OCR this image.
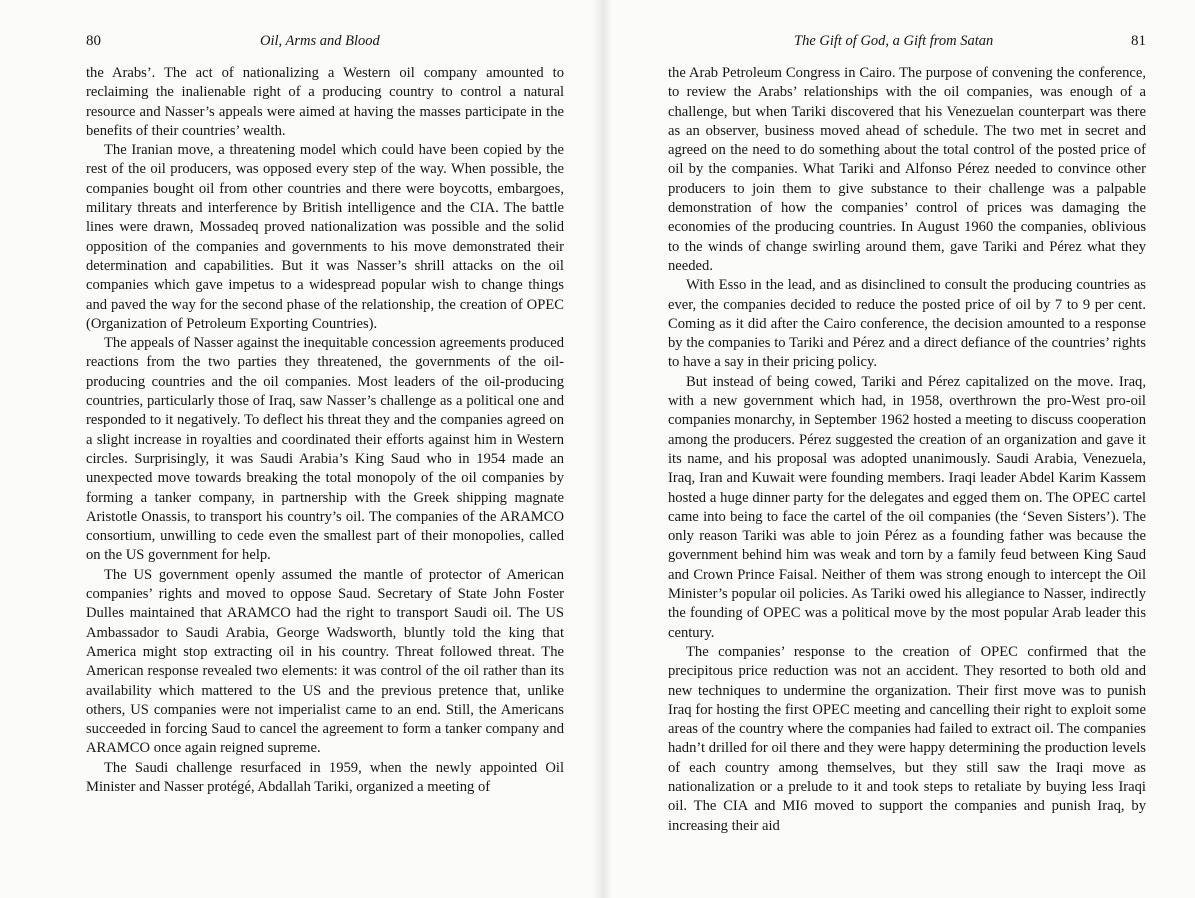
80	Oil, Arms and Blood

the Arabs’. The act of nationalizing a Western oil company amounted to reclaiming the inalienable right of a producing country to control a natural resource and Nasser’s appeals were aimed at having the masses participate in the benefits of their countries’ wealth.

The Iranian move, a threatening model which could have been copied by the rest of the oil producers, was opposed every step of the way. When possible, the companies bought oil from other countries and there were boycotts, embargoes, military threats and interference by British intelligence and the CIA. The battle lines were drawn, Mossadeq proved nationalization was possible and the solid opposition of the companies and governments to his move demonstrated their determination and capabilities. But it was Nasser’s shrill attacks on the oil companies which gave impetus to a widespread popular wish to change things and paved the way for the second phase of the relationship, the creation of OPEC (Organization of Petroleum Exporting Countries).

The appeals of Nasser against the inequitable concession agreements produced reactions from the two parties they threatened, the governments of the oil-producing countries and the oil companies. Most leaders of the oil-producing countries, particularly those of Iraq, saw Nasser’s challenge as a political one and responded to it negatively. To deflect his threat they and the companies agreed on a slight increase in royalties and coordinated their efforts against him in Western circles. Surprisingly, it was Saudi Arabia’s King Saud who in 1954 made an unexpected move towards breaking the total monopoly of the oil companies by forming a tanker company, in partnership with the Greek shipping magnate Aristotle Onassis, to transport his country’s oil. The companies of the ARAMCO consortium, unwilling to cede even the smallest part of their monopolies, called on the US government for help.

The US government openly assumed the mantle of protector of American companies’ rights and moved to oppose Saud. Secretary of State John Foster Dulles maintained that ARAMCO had the right to transport Saudi oil. The US Ambassador to Saudi Arabia, George Wadsworth, bluntly told the king that America might stop extracting oil in his country. Threat followed threat. The American response revealed two elements: it was control of the oil rather than its availability which mattered to the US and the previous pretence that, unlike others, US companies were not imperialist came to an end. Still, the Americans succeeded in forcing Saud to cancel the agreement to form a tanker company and ARAMCO once again reigned supreme.

The Saudi challenge resurfaced in 1959, when the newly appointed Oil Minister and Nasser protégé, Abdallah Tariki, organized a meeting of

The Gift of God, a Gift from Satan	81

the Arab Petroleum Congress in Cairo. The purpose of convening the conference, to review the Arabs’ relationships with the oil companies, was enough of a challenge, but when Tariki discovered that his Venezuelan counterpart was there as an observer, business moved ahead of schedule. The two met in secret and agreed on the need to do something about the total control of the posted price of oil by the companies. What Tariki and Alfonso Pérez needed to convince other producers to join them to give substance to their challenge was a palpable demonstration of how the companies’ control of prices was damaging the economies of the producing countries. In August 1960 the companies, oblivious to the winds of change swirling around them, gave Tariki and Pérez what they needed.

With Esso in the lead, and as disinclined to consult the producing countries as ever, the companies decided to reduce the posted price of oil by 7 to 9 per cent. Coming as it did after the Cairo conference, the decision amounted to a response by the companies to Tariki and Pérez and a direct defiance of the countries’ rights to have a say in their pricing policy.

But instead of being cowed, Tariki and Pérez capitalized on the move. Iraq, with a new government which had, in 1958, overthrown the pro-West pro-oil companies monarchy, in September 1962 hosted a meeting to discuss cooperation among the producers. Pérez suggested the creation of an organization and gave it its name, and his proposal was adopted unanimously. Saudi Arabia, Venezuela, Iraq, Iran and Kuwait were founding members. Iraqi leader Abdel Karim Kassem hosted a huge dinner party for the delegates and egged them on. The OPEC cartel came into being to face the cartel of the oil companies (the ‘Seven Sisters’). The only reason Tariki was able to join Pérez as a founding father was because the government behind him was weak and torn by a family feud between King Saud and Crown Prince Faisal. Neither of them was strong enough to intercept the Oil Minister’s popular oil policies. As Tariki owed his allegiance to Nasser, indirectly the founding of OPEC was a political move by the most popular Arab leader this century.

The companies’ response to the creation of OPEC confirmed that the precipitous price reduction was not an accident. They resorted to both old and new techniques to undermine the organization. Their first move was to punish Iraq for hosting the first OPEC meeting and cancelling their right to exploit some areas of the country where the companies had failed to extract oil. The companies hadn’t drilled for oil there and they were happy determining the production levels of each country among themselves, but they still saw the Iraqi move as nationalization or a prelude to it and took steps to retaliate by buying less Iraqi oil. The CIA and MI6 moved to support the companies and punish Iraq, by increasing their aid
